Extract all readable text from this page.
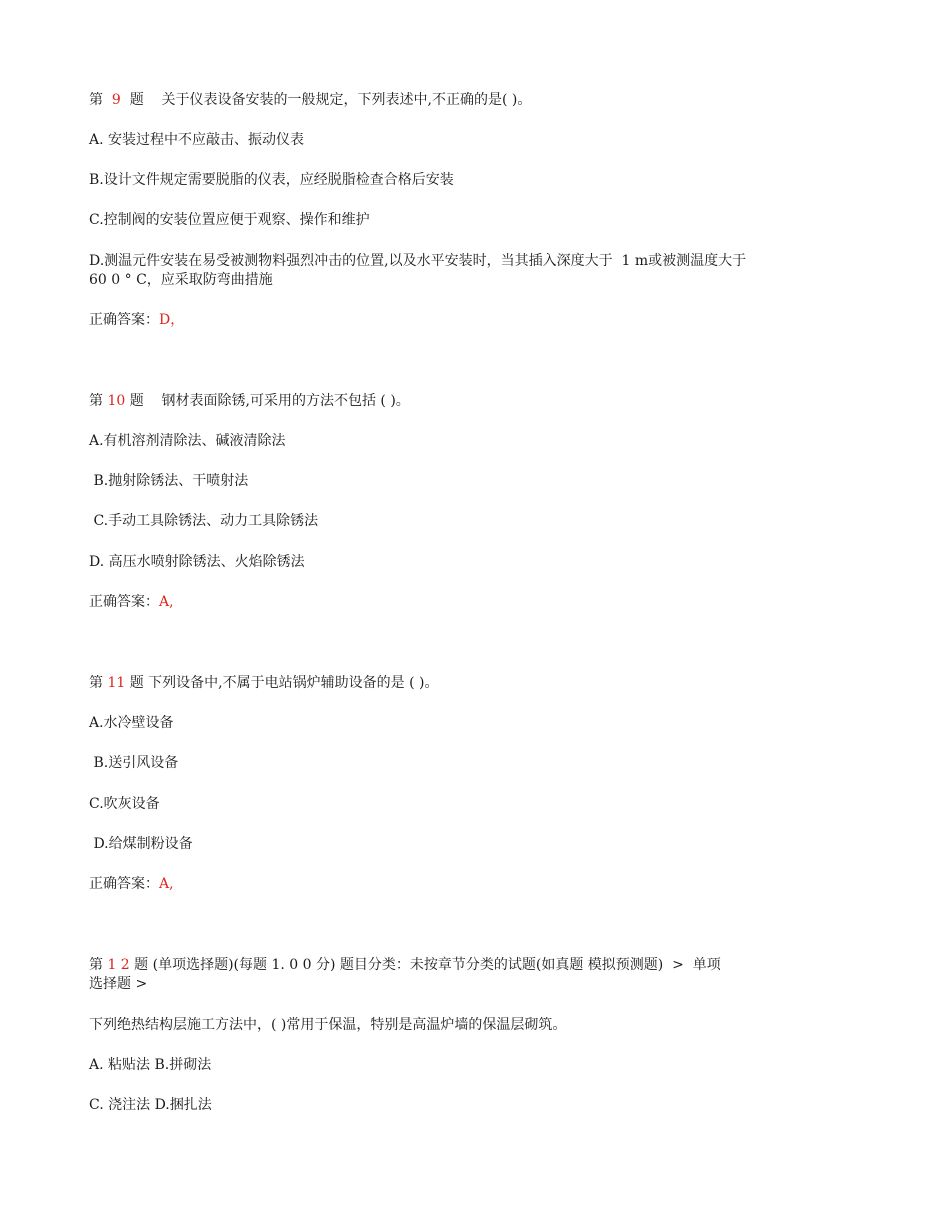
第  9  题    关于仪表设备安装的一般规定，下列表述中,不正确的是( )。
A. 安装过程中不应敲击、振动仪表
B.设计文件规定需要脱脂的仪表，应经脱脂检查合格后安装
C.控制阀的安装位置应便于观察、操作和维护
D.测温元件安装在易受被测物料强烈冲击的位置,以及水平安装时，当其插入深度大于  1 m或被测温度大于
60 0 ° C，应采取防弯曲措施
正确答案：D，
第 10 题    钢材表面除锈,可采用的方法不包括 ( )。
A.有机溶剂清除法、碱液清除法
B.抛射除锈法、干喷射法
C.手动工具除锈法、动力工具除锈法
D. 高压水喷射除锈法、火焰除锈法
正确答案：A,
第 11 题 下列设备中,不属于电站锅炉辅助设备的是 ( )。
A.水冷壁设备
B.送引风设备
C.吹灰设备
D.给煤制粉设备
正确答案：A,
第 1 2 题 (单项选择题)(每题 1. 0 0 分) 题目分类：未按章节分类的试题(如真题 模拟预测题)  >  单项
选择题 >
下列绝热结构层施工方法中，( )常用于保温，特别是高温炉墙的保温层砌筑。
A. 粘贴法 B.拼砌法
C. 浇注法 D.捆扎法
